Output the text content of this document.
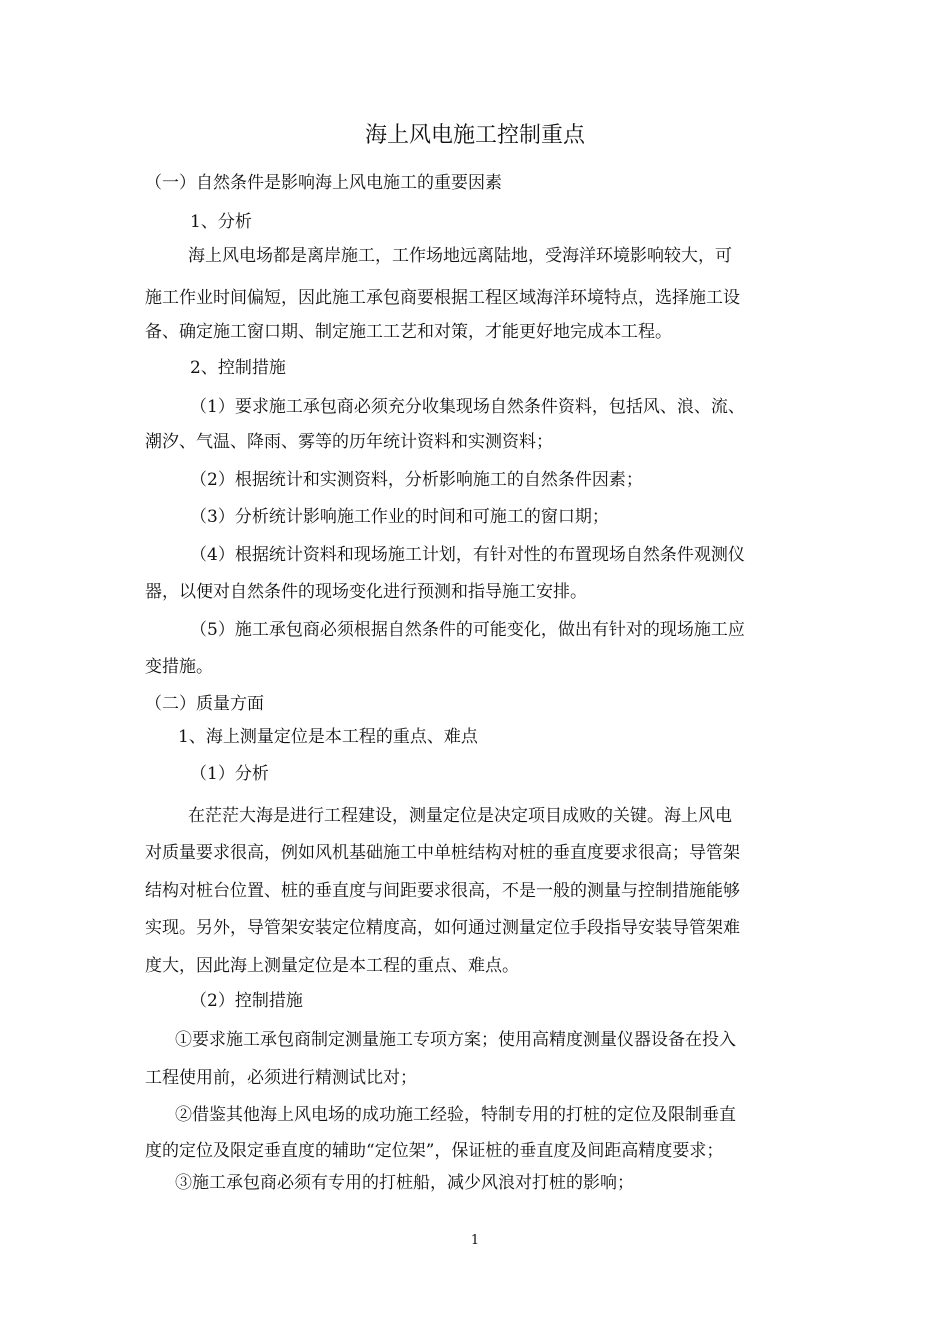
海上风电施工控制重点
（一）自然条件是影响海上风电施工的重要因素
1、分析
海上风电场都是离岸施工，工作场地远离陆地，受海洋环境影响较大，可
施工作业时间偏短，因此施工承包商要根据工程区域海洋环境特点，选择施工设
备、确定施工窗口期、制定施工工艺和对策，才能更好地完成本工程。
2、控制措施
（1）要求施工承包商必须充分收集现场自然条件资料，包括风、浪、流、
潮汐、气温、降雨、雾等的历年统计资料和实测资料；
（2）根据统计和实测资料，分析影响施工的自然条件因素；
（3）分析统计影响施工作业的时间和可施工的窗口期；
（4）根据统计资料和现场施工计划，有针对性的布置现场自然条件观测仪
器，以便对自然条件的现场变化进行预测和指导施工安排。
（5）施工承包商必须根据自然条件的可能变化，做出有针对的现场施工应
变措施。
（二）质量方面
1、海上测量定位是本工程的重点、难点
（1）分析
在茫茫大海是进行工程建设，测量定位是决定项目成败的关键。海上风电
对质量要求很高，例如风机基础施工中单桩结构对桩的垂直度要求很高；导管架
结构对桩台位置、桩的垂直度与间距要求很高，不是一般的测量与控制措施能够
实现。另外，导管架安装定位精度高，如何通过测量定位手段指导安装导管架难
度大，因此海上测量定位是本工程的重点、难点。
（2）控制措施
①要求施工承包商制定测量施工专项方案；使用高精度测量仪器设备在投入
工程使用前，必须进行精测试比对；
②借鉴其他海上风电场的成功施工经验，特制专用的打桩的定位及限制垂直
度的定位及限定垂直度的辅助“定位架”，保证桩的垂直度及间距高精度要求；
③施工承包商必须有专用的打桩船，减少风浪对打桩的影响；
1
